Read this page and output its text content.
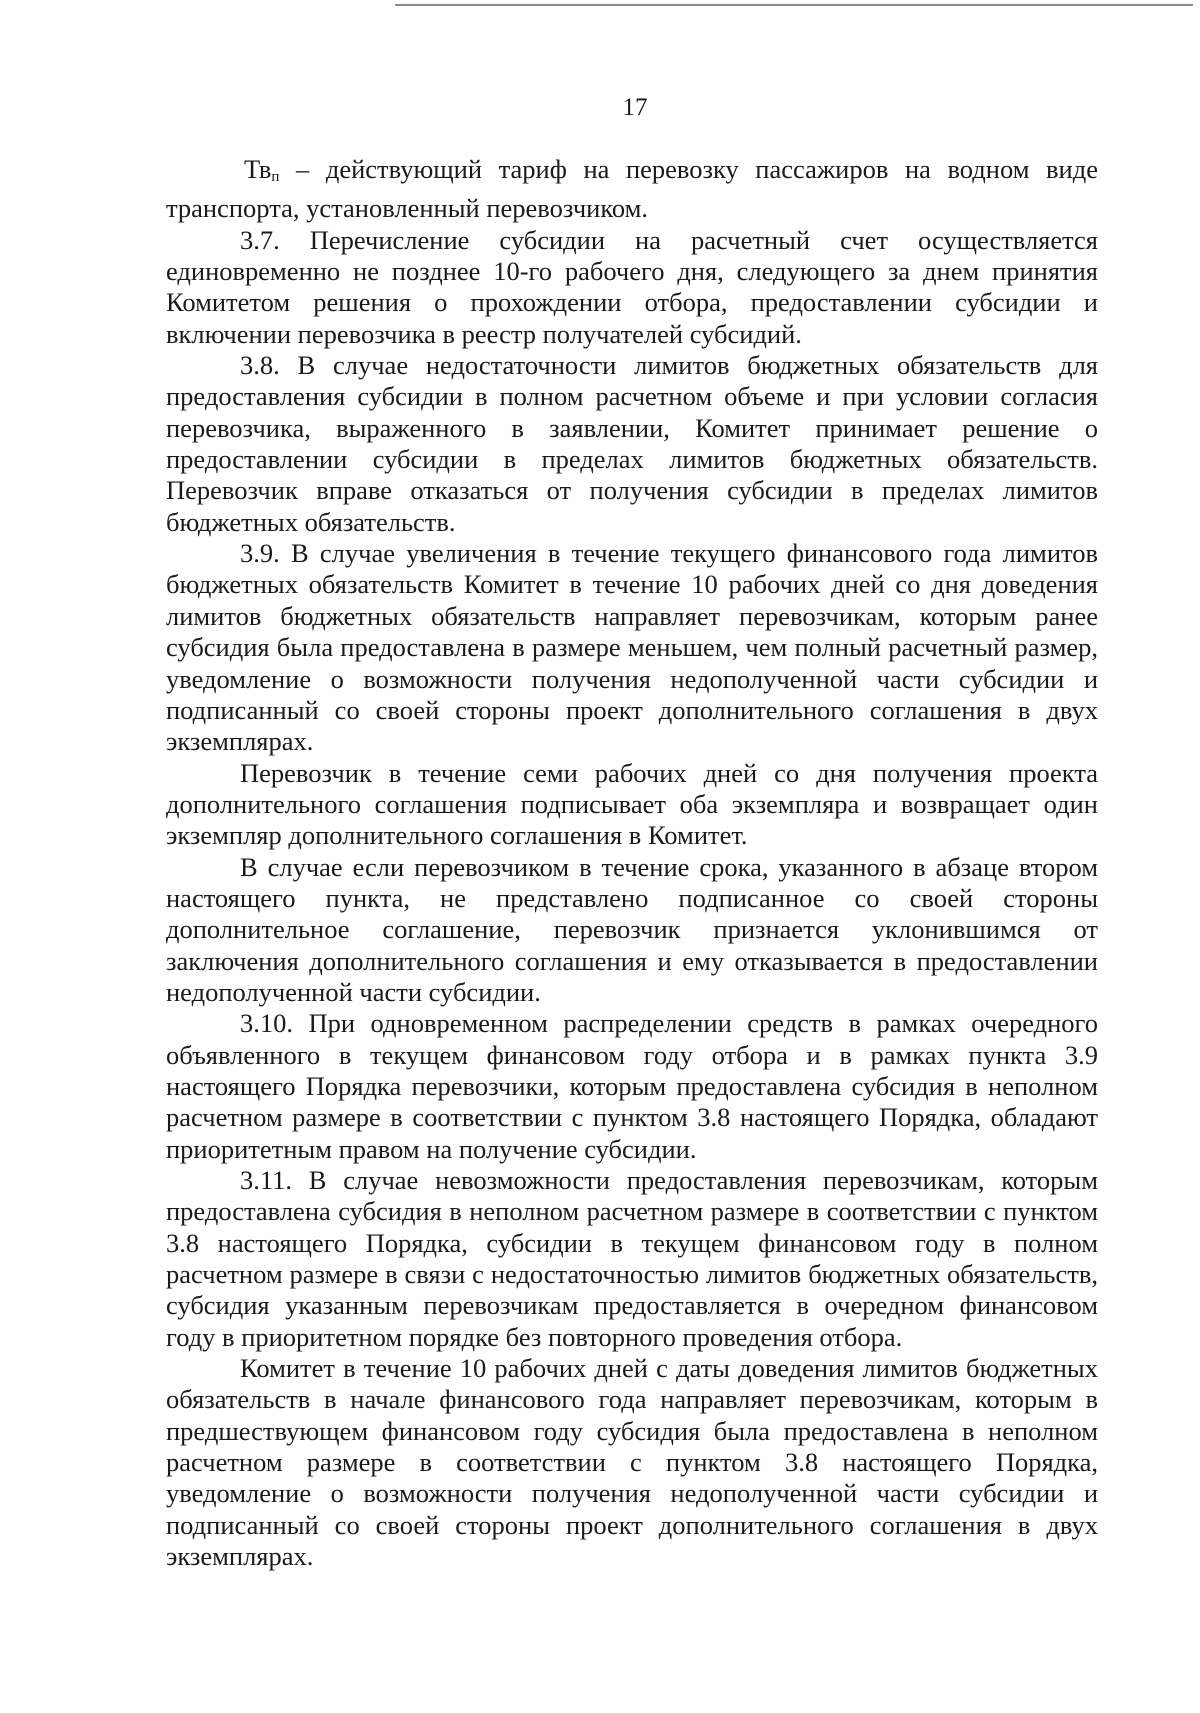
17

$Тв_п$ – действующий тариф на перевозку пассажиров на водном виде транспорта, установленный перевозчиком.

3.7. Перечисление субсидии на расчетный счет осуществляется единовременно не позднее 10-го рабочего дня, следующего за днем принятия Комитетом решения о прохождении отбора, предоставлении субсидии и включении перевозчика в реестр получателей субсидий.

3.8. В случае недостаточности лимитов бюджетных обязательств для предоставления субсидии в полном расчетном объеме и при условии согласия перевозчика, выраженного в заявлении, Комитет принимает решение о предоставлении субсидии в пределах лимитов бюджетных обязательств. Перевозчик вправе отказаться от получения субсидии в пределах лимитов бюджетных обязательств.

3.9. В случае увеличения в течение текущего финансового года лимитов бюджетных обязательств Комитет в течение 10 рабочих дней со дня доведения лимитов бюджетных обязательств направляет перевозчикам, которым ранее субсидия была предоставлена в размере меньшем, чем полный расчетный размер, уведомление о возможности получения недополученной части субсидии и подписанный со своей стороны проект дополнительного соглашения в двух экземплярах.

Перевозчик в течение семи рабочих дней со дня получения проекта дополнительного соглашения подписывает оба экземпляра и возвращает один экземпляр дополнительного соглашения в Комитет.

В случае если перевозчиком в течение срока, указанного в абзаце втором настоящего пункта, не представлено подписанное со своей стороны дополнительное соглашение, перевозчик признается уклонившимся от заключения дополнительного соглашения и ему отказывается в предоставлении недополученной части субсидии.

3.10. При одновременном распределении средств в рамках очередного объявленного в текущем финансовом году отбора и в рамках пункта 3.9 настоящего Порядка перевозчики, которым предоставлена субсидия в неполном расчетном размере в соответствии с пунктом 3.8 настоящего Порядка, обладают приоритетным правом на получение субсидии.

3.11. В случае невозможности предоставления перевозчикам, которым предоставлена субсидия в неполном расчетном размере в соответствии с пунктом 3.8 настоящего Порядка, субсидии в текущем финансовом году в полном расчетном размере в связи с недостаточностью лимитов бюджетных обязательств, субсидия указанным перевозчикам предоставляется в очередном финансовом году в приоритетном порядке без повторного проведения отбора.

Комитет в течение 10 рабочих дней с даты доведения лимитов бюджетных обязательств в начале финансового года направляет перевозчикам, которым в предшествующем финансовом году субсидия была предоставлена в неполном расчетном размере в соответствии с пунктом 3.8 настоящего Порядка, уведомление о возможности получения недополученной части субсидии и подписанный со своей стороны проект дополнительного соглашения в двух экземплярах.
